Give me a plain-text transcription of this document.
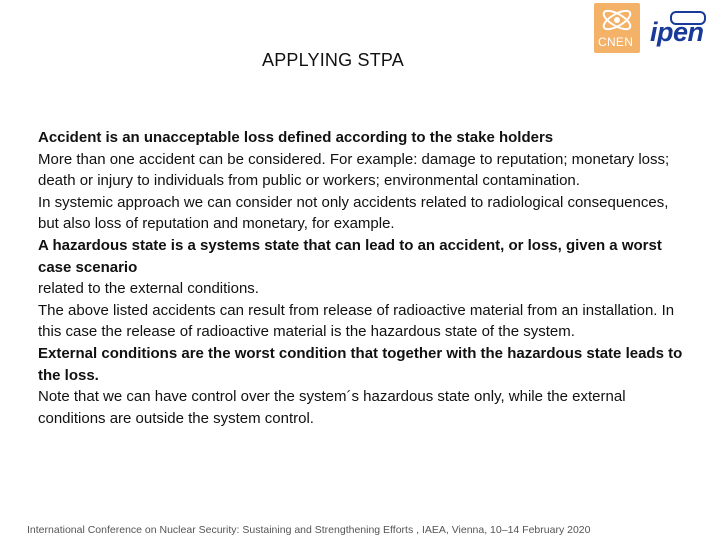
APPLYING STPA
CNEN ipen

Accident is an unacceptable loss defined according to the stake holders

More than one accident can be considered. For example: damage to reputation; monetary loss; death or injury to individuals from public or workers; environmental contamination.

In systemic approach we can consider not only accidents related to radiological consequences, but also loss of reputation and monetary, for example.

A hazardous state is a systems state that can lead to an accident, or loss, given a worst case scenario

related to the external conditions.

The above listed accidents can result from release of radioactive material from an installation. In this case the release of radioactive material is the hazardous state of the system.

External conditions are the worst condition that together with the hazardous state leads to the loss.

Note that we can have control over the system´s hazardous state only, while the external conditions are outside the system control.

International Conference on Nuclear Security: Sustaining and Strengthening Efforts , IAEA, Vienna, 10–14 February 2020
